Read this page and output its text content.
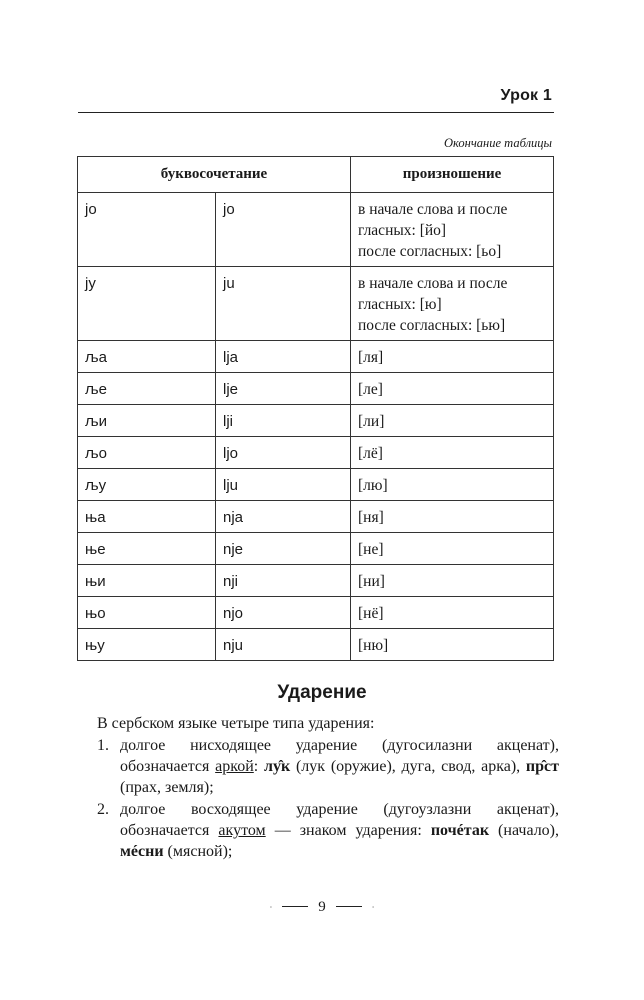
Урок 1
Окончание таблицы
буквосочетание		произношение
јо	jo	в начале слова и после
гласных: [йо]
после согласных: [ьо]

ју	ju	в начале слова и после
гласных: [ю]
после согласных: [ью]

ља	lja	[ля]

ље	lje	[ле]

љи	lji	[ли]

љо	ljo	[лё]

љу	lju	[лю]

ња	nja	[ня]

ње	nje	[не]

њи	nji	[ни]

њо	njo	[нё]

њу	nju	[ню]
Ударение

В сербском языке четыре типа ударения:

1. долгое нисходящее ударение (дугосилазни акценат), обозначается аркой: лу̂к (лук (оружие), дуга, свод, арка), пр̂ст (прах, земля);
2. долгое восходящее ударение (дугоузлазни акценат), обозначается акутом — знаком ударения: почéтак (начало), мéсни (мясной);
·	9	·
